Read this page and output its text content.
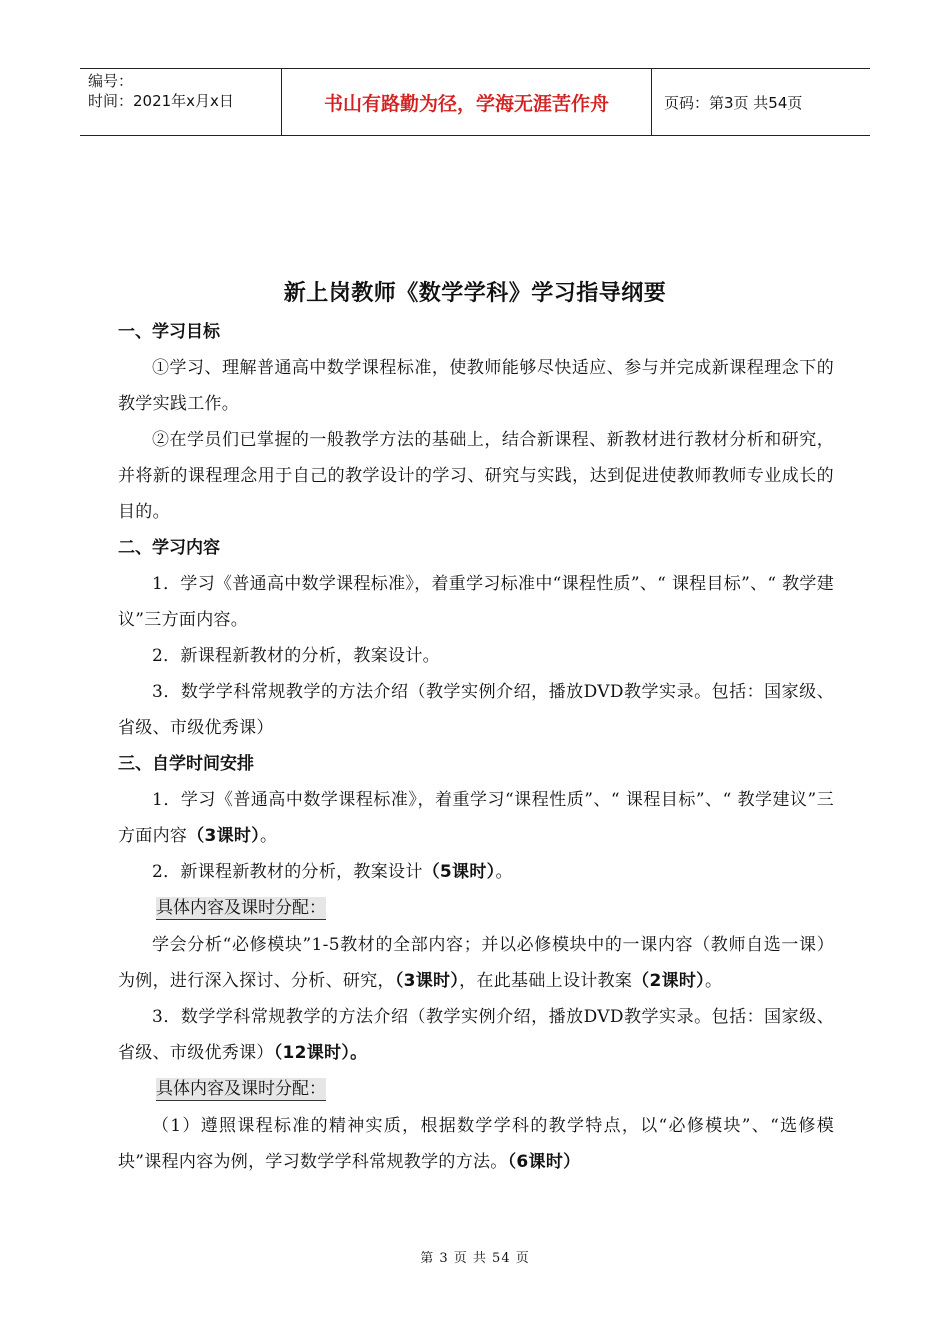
编号：
时间：2021年x月x日	书山有路勤为径，学海无涯苦作舟	页码：第3页 共54页
新上岗教师《数学学科》学习指导纲要
一、学习目标
①学习、理解普通高中数学课程标准，使教师能够尽快适应、参与并完成新课程理念下的教学实践工作。
②在学员们已掌握的一般教学方法的基础上，结合新课程、新教材进行教材分析和研究，并将新的课程理念用于自己的教学设计的学习、研究与实践，达到促进使教师教师专业成长的目的。
二、学习内容
1．学习《普通高中数学课程标准》，着重学习标准中“课程性质”、“ 课程目标”、“ 教学建议”三方面内容。
2．新课程新教材的分析，教案设计。
3．数学学科常规教学的方法介绍（教学实例介绍，播放DVD教学实录。包括：国家级、省级、市级优秀课）
三、自学时间安排
1．学习《普通高中数学课程标准》，着重学习“课程性质”、“ 课程目标”、“ 教学建议”三方面内容（3课时）。
2．新课程新教材的分析，教案设计（5课时）。
具体内容及课时分配：
学会分析“必修模块”1-5教材的全部内容；并以必修模块中的一课内容（教师自选一课）为例，进行深入探讨、分析、研究，（3课时），在此基础上设计教案（2课时）。
3．数学学科常规教学的方法介绍（教学实例介绍，播放DVD教学实录。包括：国家级、省级、市级优秀课）（12课时）。
具体内容及课时分配：
（1）遵照课程标准的精神实质，根据数学学科的教学特点，以“必修模块”、“选修模块”课程内容为例，学习数学学科常规教学的方法。（6课时）
第 3 页 共 54 页
